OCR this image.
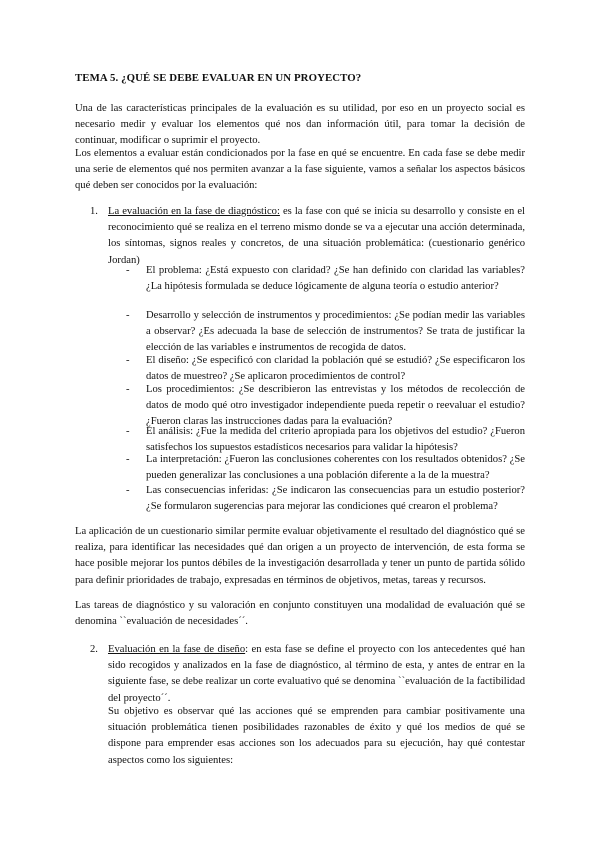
TEMA 5. ¿QUÉ SE DEBE EVALUAR EN UN PROYECTO?

Una de las características principales de la evaluación es su utilidad, por eso en un proyecto social es necesario medir y evaluar los elementos qué nos dan información útil, para tomar la decisión de continuar, modificar o suprimir el proyecto.

Los elementos a evaluar están condicionados por la fase en qué se encuentre. En cada fase se debe medir una serie de elementos qué nos permiten avanzar a la fase siguiente, vamos a señalar los aspectos básicos qué deben ser conocidos por la evaluación:

1. La evaluación en la fase de diagnóstico: es la fase con qué se inicia su desarrollo y consiste en el reconocimiento qué se realiza en el terreno mismo donde se va a ejecutar una acción determinada, los síntomas, signos reales y concretos, de una situación problemática: (cuestionario genérico Jordan)

- El problema: ¿Está expuesto con claridad? ¿Se han definido con claridad las variables? ¿La hipótesis formulada se deduce lógicamente de alguna teoría o estudio anterior?

- Desarrollo y selección de instrumentos y procedimientos: ¿Se podían medir las variables a observar? ¿Es adecuada la base de selección de instrumentos? Se trata de justificar la elección de las variables e instrumentos de recogida de datos.

- El diseño: ¿Se especificó con claridad la población qué se estudió? ¿Se especificaron los datos de muestreo? ¿Se aplicaron procedimientos de control?

- Los procedimientos: ¿Se describieron las entrevistas y los métodos de recolección de datos de modo qué otro investigador independiente pueda repetir o reevaluar el estudio? ¿Fueron claras las instrucciones dadas para la evaluación?

- El análisis: ¿Fue la medida del criterio apropiada para los objetivos del estudio? ¿Fueron satisfechos los supuestos estadísticos necesarios para validar la hipótesis?

- La interpretación: ¿Fueron las conclusiones coherentes con los resultados obtenidos? ¿Se pueden generalizar las conclusiones a una población diferente a la de la muestra?

- Las consecuencias inferidas: ¿Se indicaron las consecuencias para un estudio posterior? ¿Se formularon sugerencias para mejorar las condiciones qué crearon el problema?

La aplicación de un cuestionario similar permite evaluar objetivamente el resultado del diagnóstico qué se realiza, para identificar las necesidades qué dan origen a un proyecto de intervención, de esta forma se hace posible mejorar los puntos débiles de la investigación desarrollada y tener un punto de partida sólido para definir prioridades de trabajo, expresadas en términos de objetivos, metas, tareas y recursos.

Las tareas de diagnóstico y su valoración en conjunto constituyen una modalidad de evaluación qué se denomina ``evaluación de necesidades´´.

2. Evaluación en la fase de diseño: en esta fase se define el proyecto con los antecedentes qué han sido recogidos y analizados en la fase de diagnóstico, al término de esta, y antes de entrar en la siguiente fase, se debe realizar un corte evaluativo qué se denomina ``evaluación de la factibilidad del proyecto´´.

Su objetivo es observar qué las acciones qué se emprenden para cambiar positivamente una situación problemática tienen posibilidades razonables de éxito y qué los medios de qué se dispone para emprender esas acciones son los adecuados para su ejecución, hay qué contestar aspectos como los siguientes:
